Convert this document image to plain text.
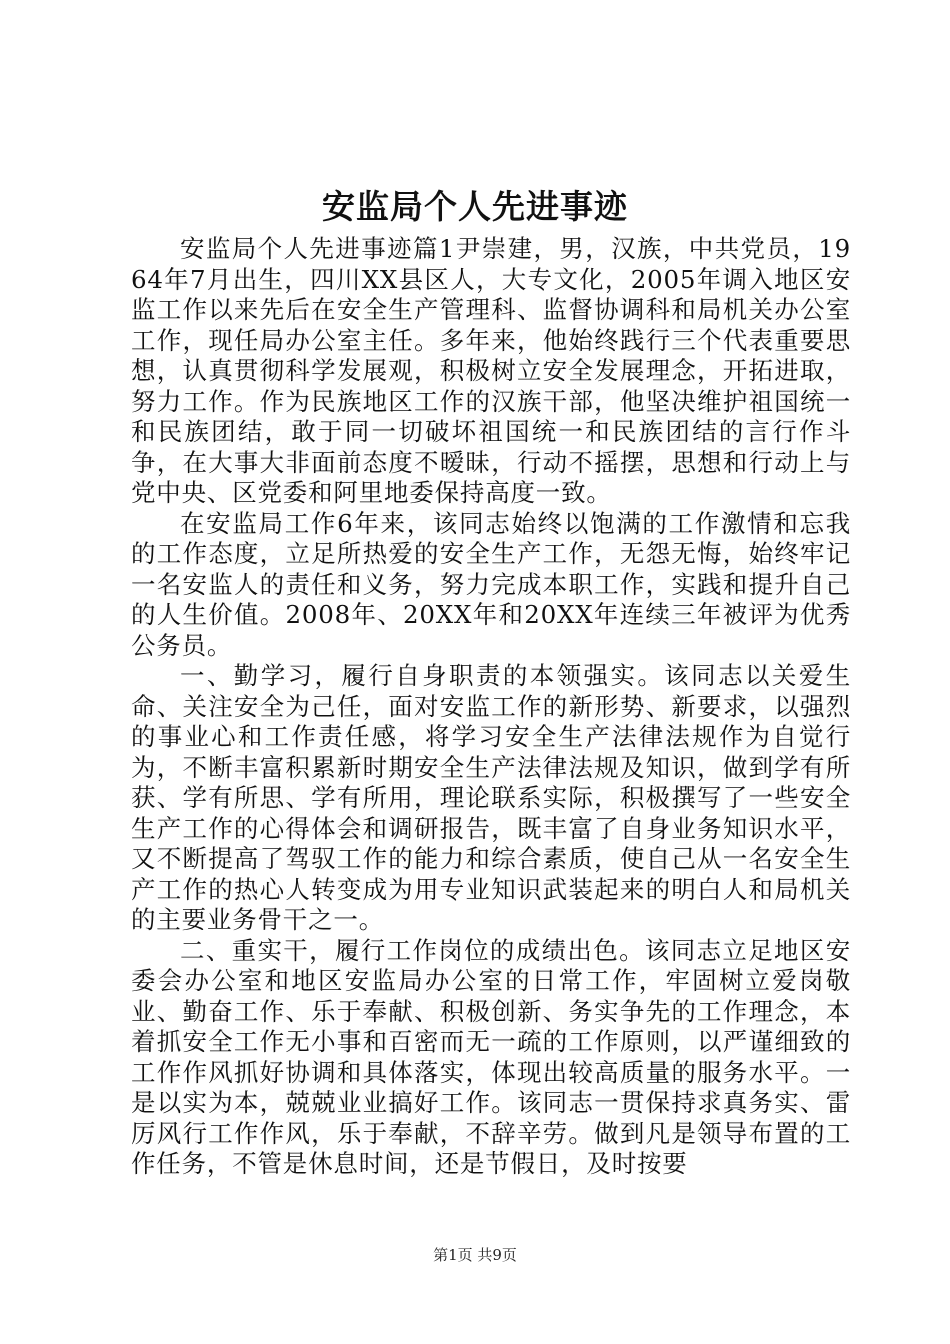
安监局个人先进事迹

安监局个人先进事迹篇1尹崇建，男，汉族，中共党员，1964年7月出生，四川XX县区人，大专文化，2005年调入地区安监工作以来先后在安全生产管理科、监督协调科和局机关办公室工作，现任局办公室主任。多年来，他始终践行三个代表重要思想，认真贯彻科学发展观，积极树立安全发展理念，开拓进取，努力工作。作为民族地区工作的汉族干部，他坚决维护祖国统一和民族团结，敢于同一切破坏祖国统一和民族团结的言行作斗争，在大事大非面前态度不暧昧，行动不摇摆，思想和行动上与党中央、区党委和阿里地委保持高度一致。

在安监局工作6年来，该同志始终以饱满的工作激情和忘我的工作态度，立足所热爱的安全生产工作，无怨无悔，始终牢记一名安监人的责任和义务，努力完成本职工作，实践和提升自己的人生价值。2008年、20XX年和20XX年连续三年被评为优秀公务员。

一、勤学习，履行自身职责的本领强实。该同志以关爱生命、关注安全为己任，面对安监工作的新形势、新要求，以强烈的事业心和工作责任感，将学习安全生产法律法规作为自觉行为，不断丰富积累新时期安全生产法律法规及知识，做到学有所获、学有所思、学有所用，理论联系实际，积极撰写了一些安全生产工作的心得体会和调研报告，既丰富了自身业务知识水平，又不断提高了驾驭工作的能力和综合素质，使自己从一名安全生产工作的热心人转变成为用专业知识武装起来的明白人和局机关的主要业务骨干之一。

二、重实干，履行工作岗位的成绩出色。该同志立足地区安委会办公室和地区安监局办公室的日常工作，牢固树立爱岗敬业、勤奋工作、乐于奉献、积极创新、务实争先的工作理念，本着抓安全工作无小事和百密而无一疏的工作原则，以严谨细致的工作作风抓好协调和具体落实，体现出较高质量的服务水平。一是以实为本，兢兢业业搞好工作。该同志一贯保持求真务实、雷厉风行工作作风，乐于奉献，不辞辛劳。做到凡是领导布置的工作任务，不管是休息时间，还是节假日，及时按要

第1页 共9页
